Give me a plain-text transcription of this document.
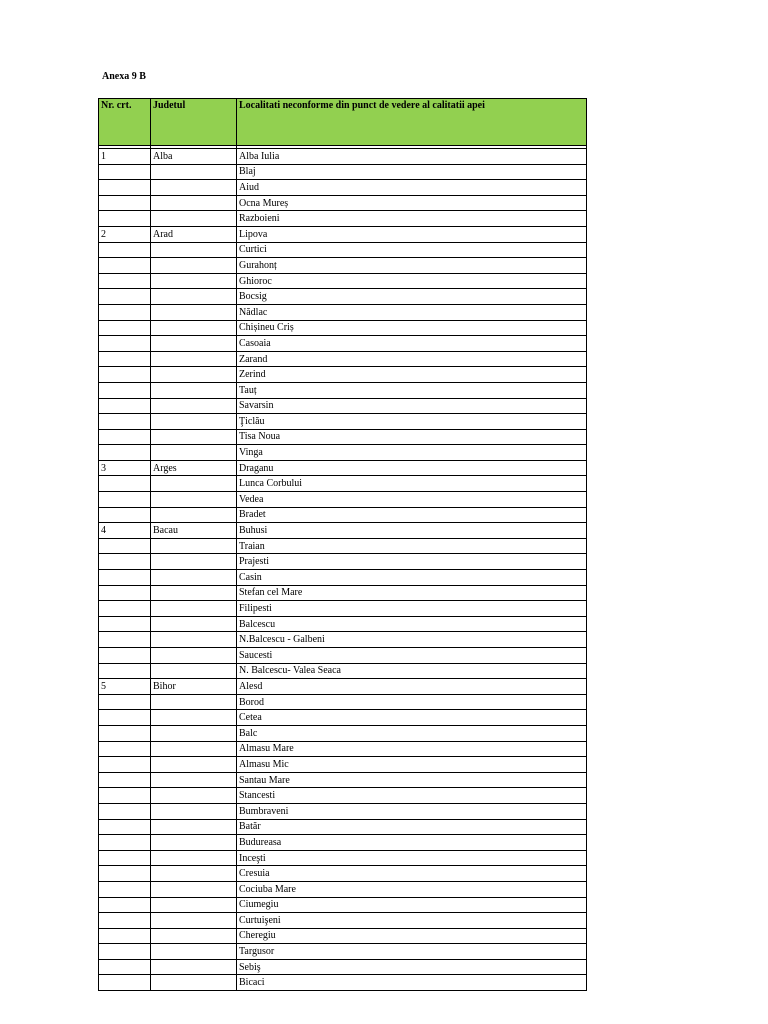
Anexa 9 B
Nr. crt.	Judetul	Localitati neconforme din punct de vedere al calitatii apei

1	Alba	Alba Iulia
		Blaj
		Aiud
		Ocna Mureș
		Razboieni
2	Arad	Lipova
		Curtici
		Gurahonț
		Ghioroc
		Bocsig
		Nădlac
		Chișineu Criș
		Casoaia
		Zarand
		Zerind
		Tauț
		Savarsin
		Ţiclău
		Tisa Noua
		Vinga
3	Arges	Draganu
		Lunca Corbului
		Vedea
		Bradet
4	Bacau	Buhusi
		Traian
		Prajesti
		Casin
		Stefan cel Mare
		Filipesti
		Balcescu
		N.Balcescu - Galbeni
		Saucesti
		N. Balcescu- Valea Seaca
5	Bihor	Alesd
		Borod
		Cetea
		Balc
		Almasu Mare
		Almasu Mic
		Santau Mare
		Stancesti
		Bumbraveni
		Batăr
		Budureasa
		Inceşti
		Cresuia
		Cociuba Mare
		Ciumegiu
		Curtuişeni
		Cheregiu
		Targusor
		Sebiş
		Bicaci
